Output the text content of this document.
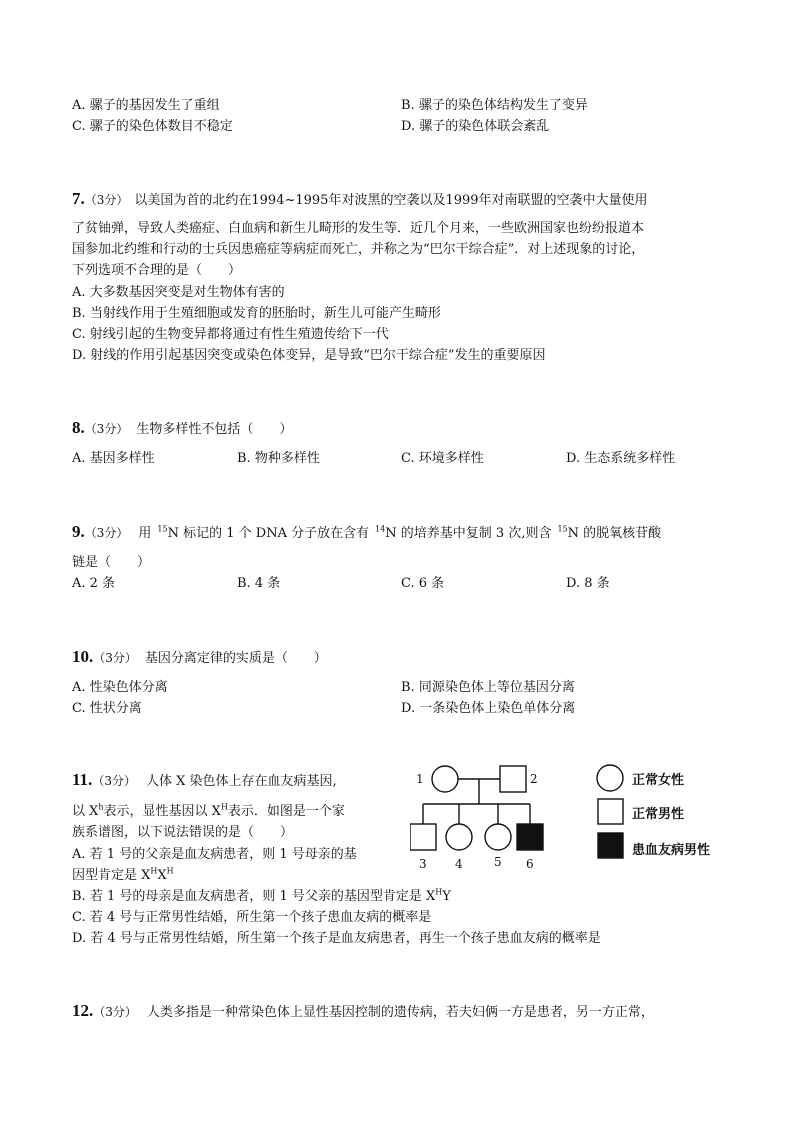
A. 骡子的基因发生了重组	B. 骡子的染色体结构发生了变异
C. 骡子的染色体数目不稳定	D. 骡子的染色体联会紊乱
7.（3分） 以美国为首的北约在1994~1995年对波黑的空袭以及1999年对南联盟的空袭中大量使用
了贫铀弹，导致人类癌症、白血病和新生儿畸形的发生等．近几个月来，一些欧洲国家也纷纷报道本
国参加北约维和行动的士兵因患癌症等病症而死亡，并称之为“巴尔干综合症”．对上述现象的讨论，
下列选项不合理的是（　　）
A. 大多数基因突变是对生物体有害的
B. 当射线作用于生殖细胞或发育的胚胎时，新生儿可能产生畸形
C. 射线引起的生物变异都将通过有性生殖遗传给下一代
D. 射线的作用引起基因突变或染色体变异，是导致“巴尔干综合症”发生的重要原因
8.（3分） 生物多样性不包括（　　）
A. 基因多样性	B. 物种多样性	C. 环境多样性	D. 生态系统多样性
9.（3分） 用 $^{15}$N 标记的 1 个 DNA 分子放在含有 $^{14}$N 的培养基中复制 3 次,则含 $^{15}$N 的脱氧核苷酸
链是（　　）
A. 2 条	B. 4 条	C. 6 条	D. 8 条
10.（3分） 基因分离定律的实质是（　　）
A. 性染色体分离	B. 同源染色体上等位基因分离
C. 性状分离	D. 一条染色体上染色单体分离
11.（3分） 人体 X 染色体上存在血友病基因,
以 $X^h$表示，显性基因以 $X^H$表示．如图是一个家
族系谱图，以下说法错误的是（　　）
A. 若 1 号的父亲是血友病患者，则 1 号母亲的基
因型肯定是 $X^HX^H$
B. 若 1 号的母亲是血友病患者，则 1 号父亲的基因型肯定是 $X^HY$
C. 若 4 号与正常男性结婚，所生第一个孩子患血友病的概率是
D. 若 4 号与正常男性结婚，所生第一个孩子是血友病患者，再生一个孩子患血友病的概率是
1	2
3 4	5 6
正常女性
正常男性
患血友病男性
12.（3分） 人类多指是一种常染色体上显性基因控制的遗传病，若夫妇俩一方是患者，另一方正常，
